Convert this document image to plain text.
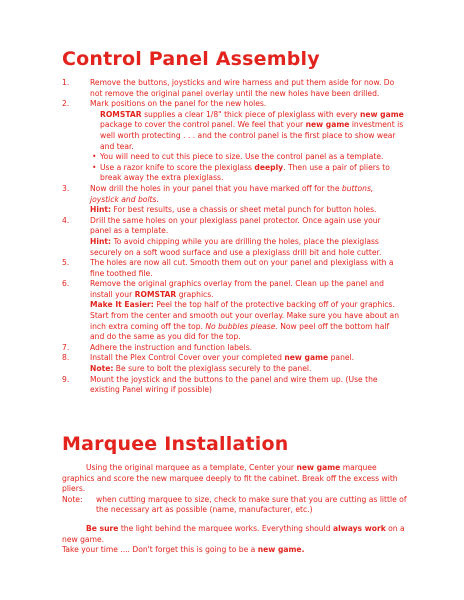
Control Panel Assembly

1.	Remove the buttons, joysticks and wire harness and put them aside for now. Do not remove the original panel overlay until the new holes have been drilled.

2.	Mark positions on the panel for the new holes.

ROMSTAR supplies a clear 1/8" thick piece of plexiglass with every new game package to cover the control panel. We feel that your new game investment is well worth protecting . . . and the control panel is the first place to show wear and tear.

• You will need to cut this piece to size. Use the control panel as a template.

• Use a razor knife to score the plexiglass deeply. Then use a pair of pliers to break away the extra plexiglass.

3.	Now drill the holes in your panel that you have marked off for the buttons, joystick and bolts.

Hint: For best results, use a chassis or sheet metal punch for button holes.

4.	Drill the same holes on your plexiglass panel protector. Once again use your panel as a template.

Hint: To avoid chipping while you are drilling the holes, place the plexiglass securely on a soft wood surface and use a plexiglass drill bit and hole cutter.

5.	The holes are now all cut. Smooth them out on your panel and plexiglass with a fine toothed file.

6.	Remove the original graphics overlay from the panel. Clean up the panel and install your ROMSTAR graphics.

Make It Easier: Peel the top half of the protective backing off of your graphics. Start from the center and smooth out your overlay. Make sure you have about an inch extra coming off the top. No bubbles please. Now peel off the bottom half and do the same as you did for the top.

7.	Adhere the instruction and function labels.

8.	Install the Plex Control Cover over your completed new game panel.

Note: Be sure to bolt the plexiglass securely to the panel.

9.	Mount the joystick and the buttons to the panel and wire them up. (Use the existing Panel wiring if possible)

Marquee Installation

Using the original marquee as a template, Center your new game marquee graphics and score the new marquee deeply to fit the cabinet. Break off the excess with pliers.

Note: when cutting marquee to size, check to make sure that you are cutting as little of the necessary art as possible (name, manufacturer, etc.)

Be sure the light behind the marquee works. Everything should always work on a new game.

Take your time .... Don't forget this is going to be a new game.
